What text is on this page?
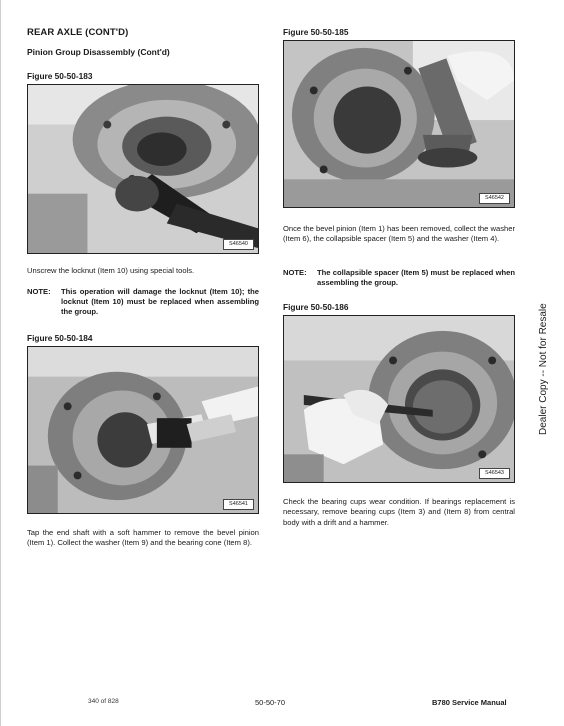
REAR AXLE (CONT'D)
Pinion Group Disassembly (Cont'd)
Figure 50-50-183
S46540
Unscrew the locknut (Item 10) using special tools.
NOTE:	This operation will damage the locknut (Item 10); the locknut (Item 10) must be replaced when assembling the group.
Figure 50-50-184
S46541
Tap the end shaft with a soft hammer to remove the bevel pinion (Item 1). Collect the washer (Item 9) and the bearing cone (Item 8).
Figure 50-50-185
S46542
Once the bevel pinion (Item 1) has been removed, collect the washer (Item 6), the collapsible spacer (Item 5) and the washer (Item 4).
NOTE:	The collapsible spacer (Item 5) must be replaced when assembling the group.
Figure 50-50-186
S46543
Check the bearing cups wear condition. If bearings replacement is necessary, remove bearing cups (Item 3) and (Item 8) from central body with a drift and a hammer.
Dealer Copy -- Not for Resale
340 of 828	50-50-70	B780 Service Manual
